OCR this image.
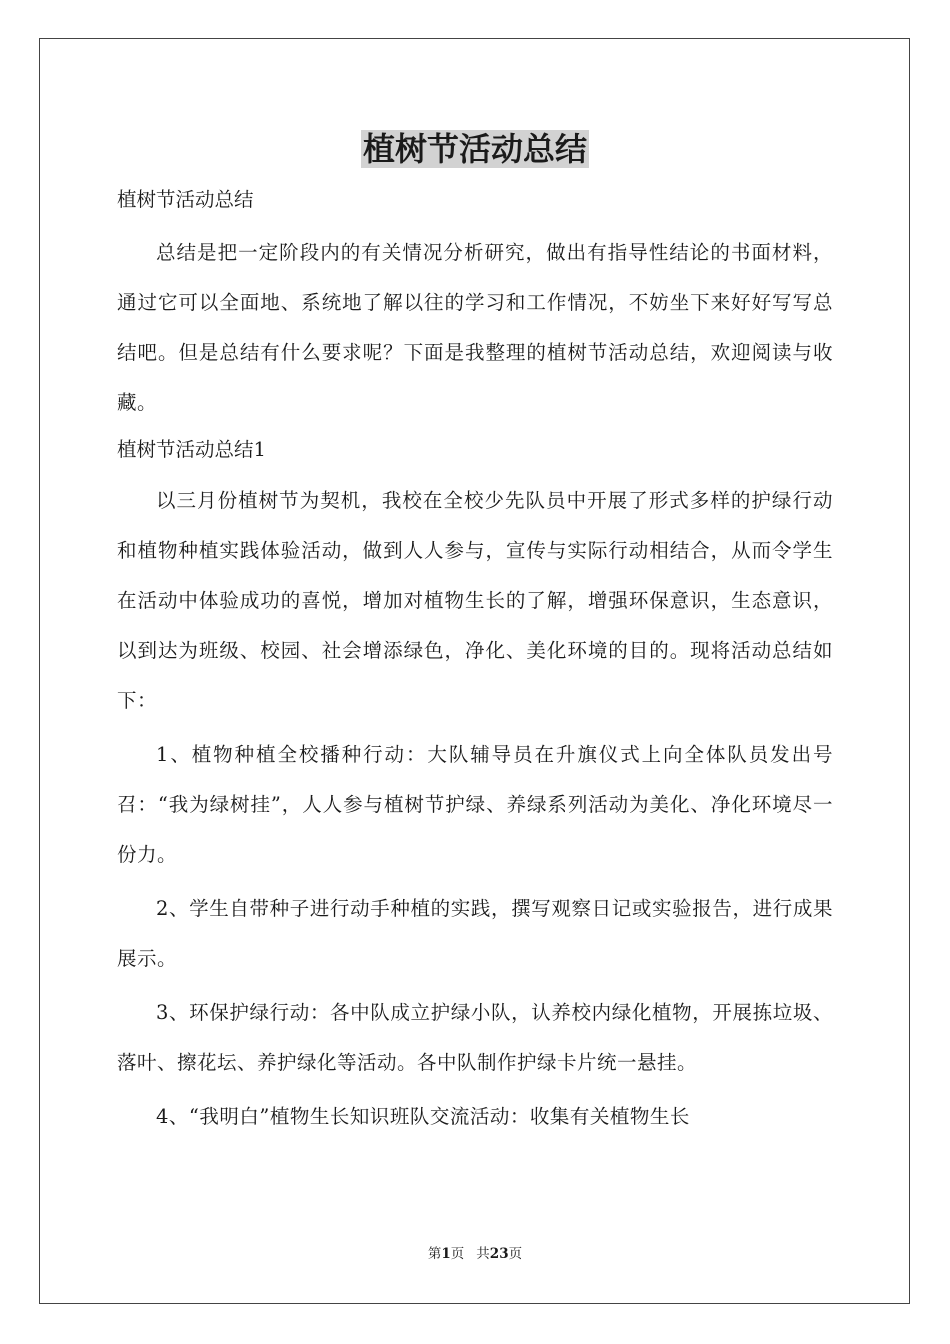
植树节活动总结

植树节活动总结

总结是把一定阶段内的有关情况分析研究，做出有指导性结论的书面材料，通过它可以全面地、系统地了解以往的学习和工作情况，不妨坐下来好好写写总结吧。但是总结有什么要求呢？下面是我整理的植树节活动总结，欢迎阅读与收藏。

植树节活动总结1

以三月份植树节为契机，我校在全校少先队员中开展了形式多样的护绿行动和植物种植实践体验活动，做到人人参与，宣传与实际行动相结合，从而令学生在活动中体验成功的喜悦，增加对植物生长的了解，增强环保意识，生态意识，以到达为班级、校园、社会增添绿色，净化、美化环境的目的。现将活动总结如下：

1、植物种植全校播种行动：大队辅导员在升旗仪式上向全体队员发出号召：“我为绿树挂”，人人参与植树节护绿、养绿系列活动为美化、净化环境尽一份力。

2、学生自带种子进行动手种植的实践，撰写观察日记或实验报告，进行成果展示。

3、环保护绿行动：各中队成立护绿小队，认养校内绿化植物，开展拣垃圾、落叶、擦花坛、养护绿化等活动。各中队制作护绿卡片统一悬挂。

4、“我明白”植物生长知识班队交流活动：收集有关植物生长

第1页 共23页
